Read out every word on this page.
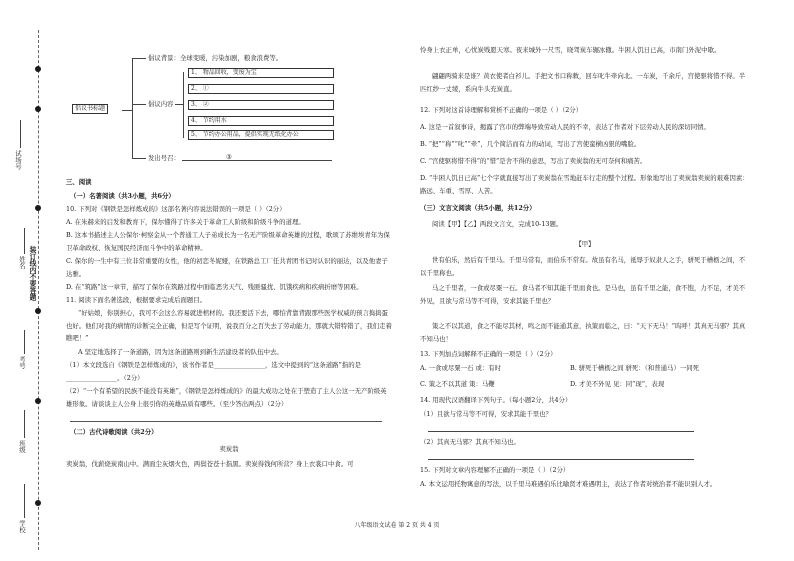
试场号
姓名 装订线内不要答题
考号
班级
学校
倡议书标题
倡议背景：全球变暖，污染加剧，粮食浪费等。
倡议内容
1、 物品回收，变废为宝
2、 ①
3、 ②
4、 节约用水
5、 节约办公用品，提倡实现无纸化办公
发出号召：	③
三、阅读
（一）名著阅读（共3小题，共6分）
10. 下列对《钢铁是怎样炼成的》这部名著内容说法错误的一项是（ ）（2分）
A. 在朱赫来的启发和教育下，保尔懂得了许多关于革命工人阶级和阶级斗争的道理。
B. 这本书描述主人公保尔·柯察金从一个普通工人子弟成长为一名无产阶级革命英雄的过程，歌颂了苏维埃青年为保卫革命政权、恢复国民经济而斗争中的革命精神。
C. 保尔的一生中有三位非常重要的女性，他的初恋冬妮娅，在铁路总工厂任共青团书记时认识的丽达，以及他妻子达雅。
D. 在“筑路”这一章节，描写了保尔在筑路过程中面临恶劣天气、残匪骚扰、饥饿疾病和疾病折磨等困难。
11. 阅读下面名著选段，根据要求完成后面题目。
“好姑娘，你别担心，我可不会这么容易就进棺材的。我还要活下去，哪怕背靠背跟那些医学权威的预言捣捣蛋也好。他们对我的病情的诊断完全正确，但是写个证明，说我百分之百失去了劳动能力，那就大错特错了，我们走着瞧吧！”
A 坚定地选择了一条道路，因为这条道路则到新生活建设者的队伍中去。
（1）本文段选自《钢铁是怎样炼成的》，该书作者是________________，选文中提到的“这条道路”指的是________________。（2分）
（2）“一个有希望的民族不能没有英雄”，《钢铁是怎样炼成的》的最大成功之处在于塑造了主人公这一无产阶级英雄形象。请谈谈主人公身上很引你的英雄品质有哪些。（至少答出两点）（2分）
（二）古代诗歌阅读（共2分）
卖炭翁
卖炭翁，伐薪烧炭南山中。满面尘灰烟火色，两鬓苍苍十指黑。卖炭得钱何所营？身上衣裳口中食。可
怜身上衣正单，心忧炭贱愿天寒。夜来城外一尺雪，晓驾炭车辗冰辙。牛困人饥日已高，市南门外泥中歇。
翩翩两骑来是谁？黄衣使者白衫儿。手把文书口称敕，回车叱牛牵向北。一车炭，千余斤，宫使驱将惜不得。半匹红纱一丈绫，系向牛头充炭直。
12. 下列对这首诗理解和赏析不正确的一项是（ ）（2分）
A. 这是一首叙事诗，揭露了宫市的弊端导致劳动人民的不幸，表达了作者对下层劳动人民的深切同情。
B. “把”“称”“叱”“牵”，几个简洁而有力的动词，写出了宫使蛮横凶狠的嘴脸。
C. “宫使驱将惜不得”的“惜”是舍不得的意思，写出了卖炭翁的无可奈何和痛苦。
D. “牛困人饥日已高”七个字就直接写出了卖炭翁在雪地赶车行走的整个过程。形象地写出了卖炭翁卖炭的艰难因素：路远、车重、雪厚、人苦。
（三）文言文阅读（共5小题，共12分）
阅读【甲】【乙】两段文言文，完成10-13题。
【甲】
世有伯乐，然后有千里马。千里马常有，而伯乐不常有。故虽有名马，祗辱于奴隶人之手，骈死于槽枥之间，不以千里称也。
马之千里者，一食或尽粟一石。食马者不知其能千里而食也。是马也，虽有千里之能，食不饱，力不足，才美不外见，且欲与常马等不可得，安求其能千里也？
策之不以其道，食之不能尽其材，鸣之而不能通其意，执策而临之，曰：“天下无马！”呜呼！其真无马邪？其真不知马也！
13. 下列加点词解释不正确的一项是（ ）（2分）
A. 一食或尽粟一石 或：有时	B. 骈死于槽枥之间 骈死：（和普通马）一同死
C. 策之不以其道 策：马鞭	D. 才美不外见 见：同“现”，表现
14. 用现代汉语翻译下列句子。（每小题2分，共4分）
（1）且欲与常马等不可得，安求其能千里也？
（2）其真无马邪？其真不知马也。
15. 下列对文章内容理解不正确的一项是（ ）（2分）
A. 本文运用托物寓意的写法，以千里马难遇伯乐比喻贤才难遇明主，表达了作者对统治者不能识别人才。
八年级语文试卷 第 2 页 共 4 页
